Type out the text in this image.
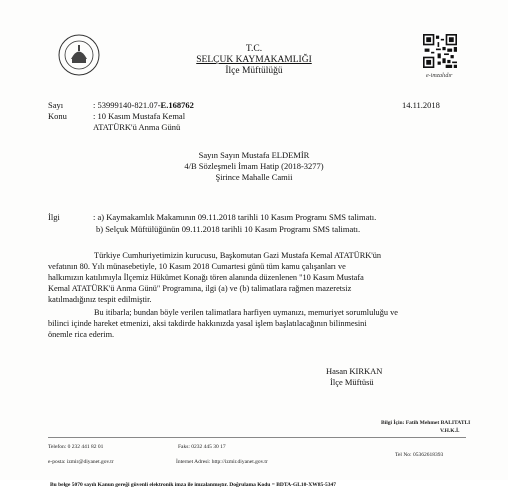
T.C.
SELÇUK KAYMAKAMLIĞI
İlçe Müftülüğü	e-imzalıdır
Sayı	: 53999140-821.07-E.168762	14.11.2018
Konu	: 10 Kasım Mustafa Kemal
ATATÜRK'ü Anma Günü
Sayın Sayın Mustafa ELDEMİR
4/B Sözleşmeli İmam Hatip (2018-3277)
Şirince Mahalle Camii
İlgi	: a) Kaymakamlık Makamının 09.11.2018 tarihli 10 Kasım Programı SMS talimatı.
b) Selçuk Müftülüğünün 09.11.2018 tarihli 10 Kasım Programı SMS talimatı.
Türkiye Cumhuriyetimizin kurucusu, Başkomutan Gazi Mustafa Kemal ATATÜRK'ün
vefatının 80. Yılı münasebetiyle, 10 Kasım 2018 Cumartesi günü tüm kamu çalışanları ve
halkımızın katılımıyla İlçemiz Hükümet Konağı tören alanında düzenlenen "10 Kasım Mustafa
Kemal ATATÜRK'ü Anma Günü" Programına, ilgi (a) ve (b) talimatlara rağmen mazeretsiz
katılmadığınız tespit edilmiştir.
Bu itibarla; bundan böyle verilen talimatlara harfiyen uymanızı, memuriyet sorumluluğu ve
bilinci içinde hareket etmenizi, aksi takdirde hakkınızda yasal işlem başlatılacağının bilinmesini
önemle rica ederim.
Hasan KIRKAN
İlçe Müftüsü
Bilgi İçin: Fatih Mehmet BALITATLI
V.H.K.İ.
Telefon: 0 232 441 82 01	Faks: 0232 445 30 17
Tel No: 05362618393
e-posta: izmir@diyanet.gov.tr	İnternet Adresi: http://izmir.diyanet.gov.tr
Bu belge 5070 sayılı Kanun gereği güvenli elektronik imza ile imzalanmıştır. Doğrulama Kodu = BDTA-GL10-XW85-5347
